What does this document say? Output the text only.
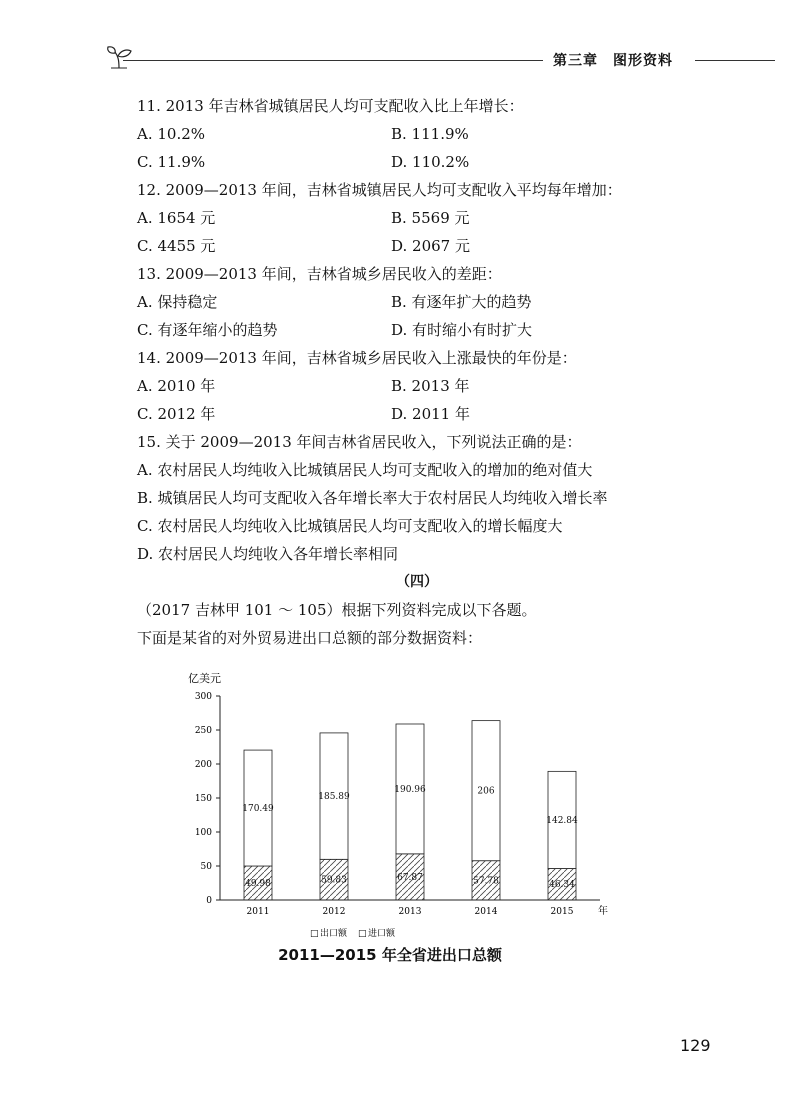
第三章　图形资料
11. 2013 年吉林省城镇居民人均可支配收入比上年增长：
A. 10.2%	B. 111.9%
C. 11.9%	D. 110.2%
12. 2009—2013 年间，吉林省城镇居民人均可支配收入平均每年增加：
A. 1654 元	B. 5569 元
C. 4455 元	D. 2067 元
13. 2009—2013 年间，吉林省城乡居民收入的差距：
A. 保持稳定	B. 有逐年扩大的趋势
C. 有逐年缩小的趋势	D. 有时缩小有时扩大
14. 2009—2013 年间，吉林省城乡居民收入上涨最快的年份是：
A. 2010 年	B. 2013 年
C. 2012 年	D. 2011 年
15. 关于 2009—2013 年间吉林省居民收入，下列说法正确的是：
A. 农村居民人均纯收入比城镇居民人均可支配收入的增加的绝对值大
B. 城镇居民人均可支配收入各年增长率大于农村居民人均纯收入增长率
C. 农村居民人均纯收入比城镇居民人均可支配收入的增长幅度大
D. 农村居民人均纯收入各年增长率相同
（四）
（2017 吉林甲 101 ～ 105）根据下列资料完成以下各题。
下面是某省的对外贸易进出口总额的部分数据资料：
亿美元
0
50
100
150
200
250
300
49.98
170.49
59.83
185.89
67.87
190.96
57.78
206
46.34
142.84
2011	2012	2013	2014	2015 年
□ 出口额 □ 进口额
2011—2015 年全省进出口总额
129
